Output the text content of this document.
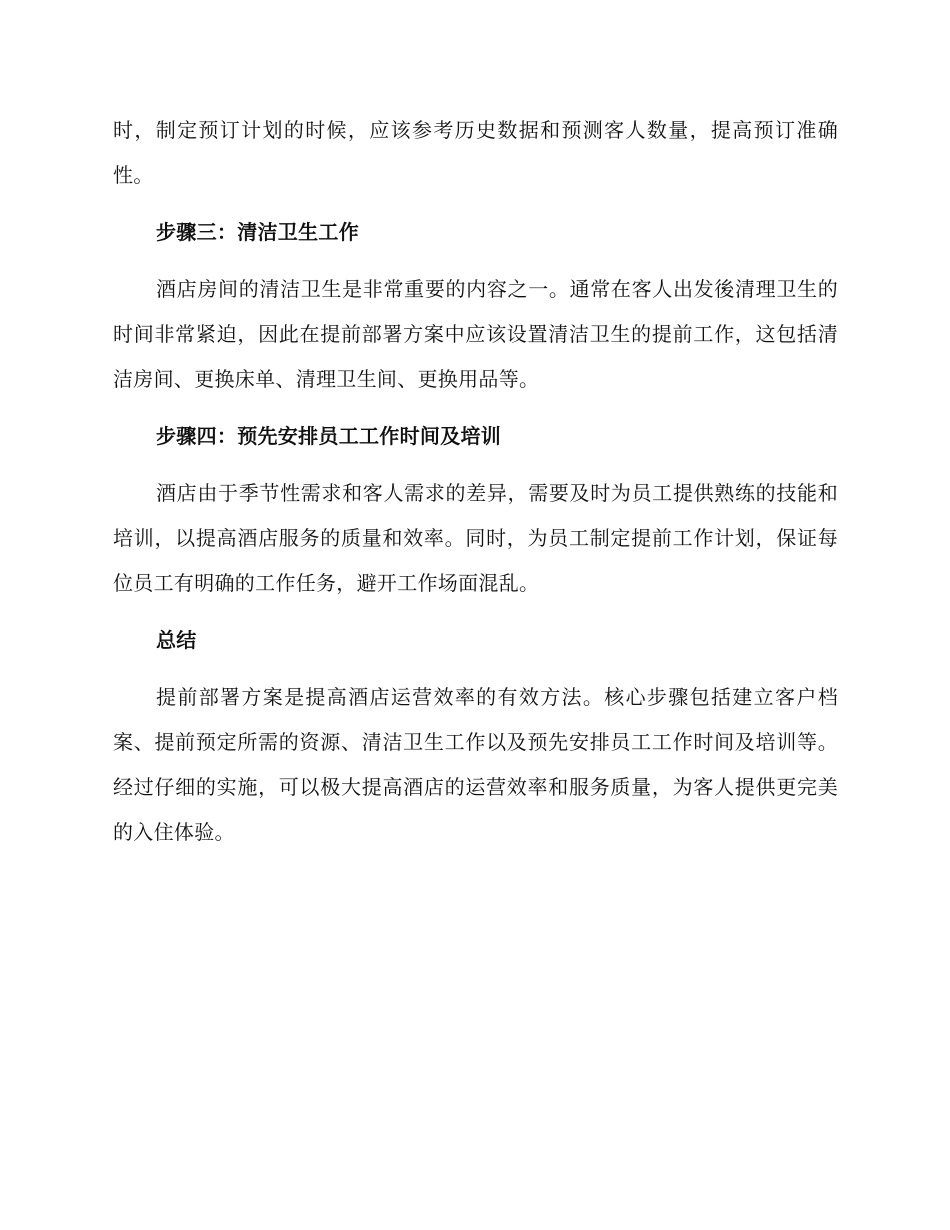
时，制定预订计划的时候，应该参考历史数据和预测客人数量，提高预订准确性。

步骤三：清洁卫生工作

酒店房间的清洁卫生是非常重要的内容之一。通常在客人出发後清理卫生的时间非常紧迫，因此在提前部署方案中应该设置清洁卫生的提前工作，这包括清洁房间、更换床单、清理卫生间、更换用品等。

步骤四：预先安排员工工作时间及培训

酒店由于季节性需求和客人需求的差异，需要及时为员工提供熟练的技能和培训，以提高酒店服务的质量和效率。同时，为员工制定提前工作计划，保证每位员工有明确的工作任务，避开工作场面混乱。

总结

提前部署方案是提高酒店运营效率的有效方法。核心步骤包括建立客户档案、提前预定所需的资源、清洁卫生工作以及预先安排员工工作时间及培训等。经过仔细的实施，可以极大提高酒店的运营效率和服务质量，为客人提供更完美的入住体验。
